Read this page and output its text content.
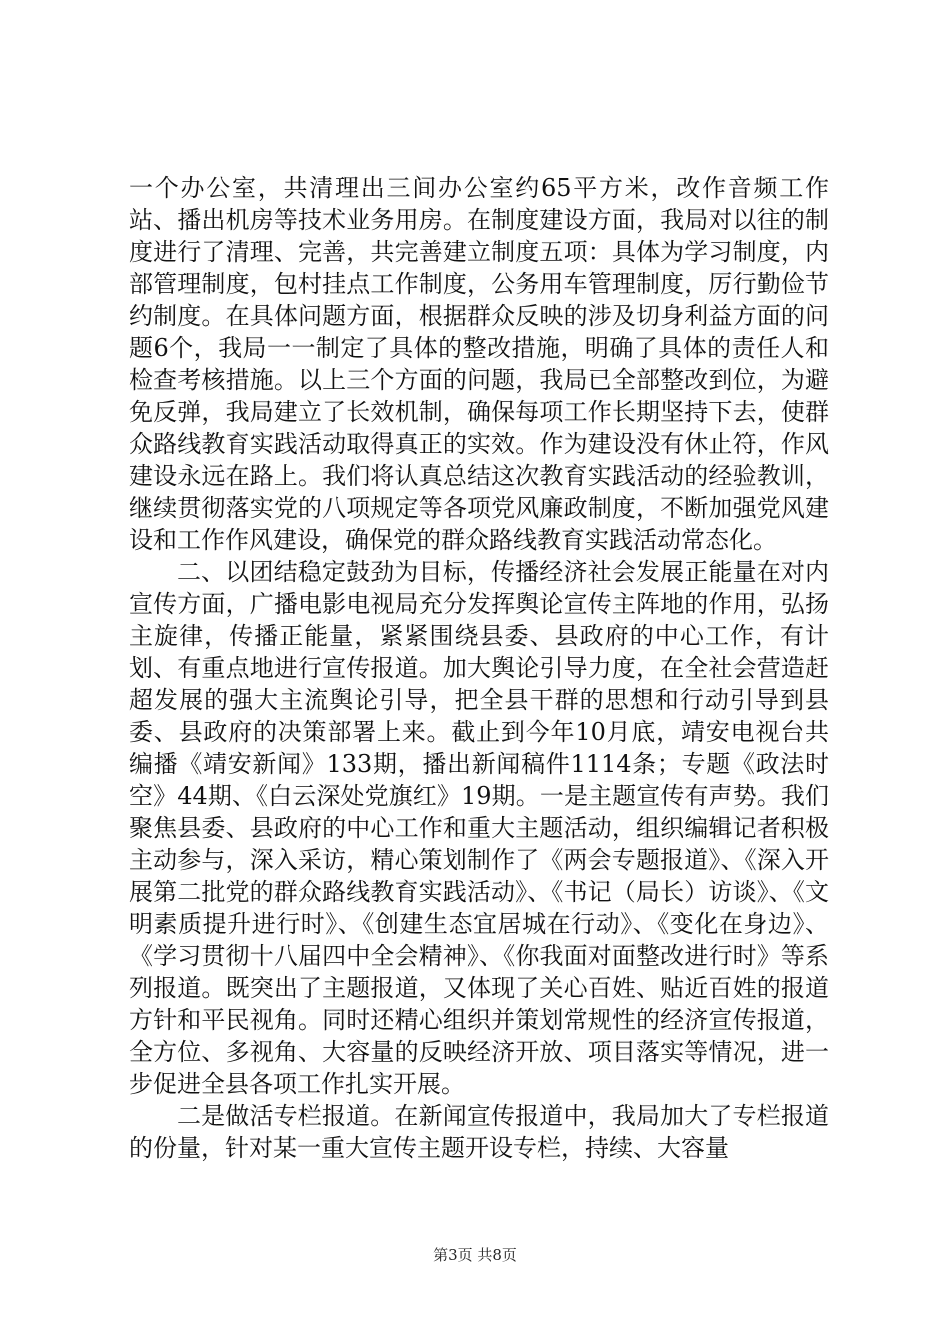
一个办公室，共清理出三间办公室约65平方米，改作音频工作站、播出机房等技术业务用房。在制度建设方面，我局对以往的制度进行了清理、完善，共完善建立制度五项：具体为学习制度，内部管理制度，包村挂点工作制度，公务用车管理制度，厉行勤俭节约制度。在具体问题方面，根据群众反映的涉及切身利益方面的问题6个，我局一一制定了具体的整改措施，明确了具体的责任人和检查考核措施。以上三个方面的问题，我局已全部整改到位，为避免反弹，我局建立了长效机制，确保每项工作长期坚持下去，使群众路线教育实践活动取得真正的实效。作为建设没有休止符，作风建设永远在路上。我们将认真总结这次教育实践活动的经验教训，继续贯彻落实党的八项规定等各项党风廉政制度，不断加强党风建设和工作作风建设，确保党的群众路线教育实践活动常态化。

二、以团结稳定鼓劲为目标，传播经济社会发展正能量在对内宣传方面，广播电影电视局充分发挥舆论宣传主阵地的作用，弘扬主旋律，传播正能量，紧紧围绕县委、县政府的中心工作，有计划、有重点地进行宣传报道。加大舆论引导力度，在全社会营造赶超发展的强大主流舆论引导，把全县干群的思想和行动引导到县委、县政府的决策部署上来。截止到今年10月底，靖安电视台共编播《靖安新闻》133期，播出新闻稿件1114条；专题《政法时空》44期、《白云深处党旗红》19期。一是主题宣传有声势。我们聚焦县委、县政府的中心工作和重大主题活动，组织编辑记者积极主动参与，深入采访，精心策划制作了《两会专题报道》、《深入开展第二批党的群众路线教育实践活动》、《书记（局长）访谈》、《文明素质提升进行时》、《创建生态宜居城在行动》、《变化在身边》、《学习贯彻十八届四中全会精神》、《你我面对面整改进行时》等系列报道。既突出了主题报道，又体现了关心百姓、贴近百姓的报道方针和平民视角。同时还精心组织并策划常规性的经济宣传报道，全方位、多视角、大容量的反映经济开放、项目落实等情况，进一步促进全县各项工作扎实开展。

二是做活专栏报道。在新闻宣传报道中，我局加大了专栏报道的份量，针对某一重大宣传主题开设专栏，持续、大容量

第3页 共8页
